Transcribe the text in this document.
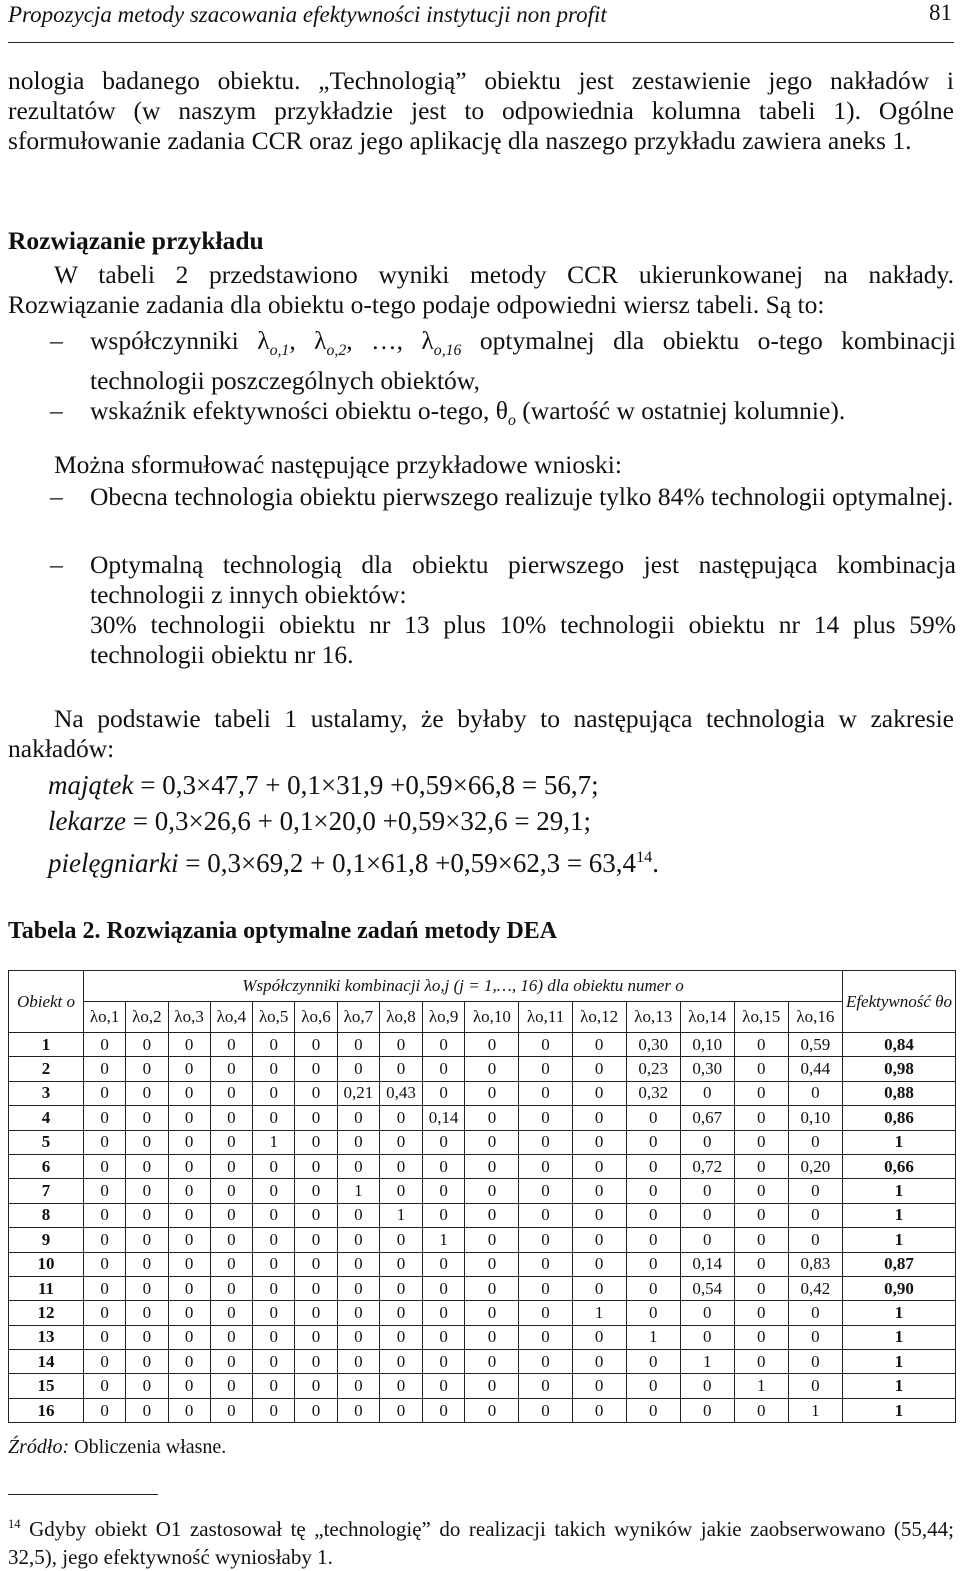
Propozycja metody szacowania efektywności instytucji non profit	81
nologia badanego obiektu. „Technologią” obiektu jest zestawienie jego nakładów i rezultatów (w naszym przykładzie jest to odpowiednia kolumna tabeli 1). Ogólne sformułowanie zadania CCR oraz jego aplikację dla naszego przykładu zawiera aneks 1.
Rozwiązanie przykładu
W tabeli 2 przedstawiono wyniki metody CCR ukierunkowanej na nakłady. Rozwiązanie zadania dla obiektu o-tego podaje odpowiedni wiersz tabeli. Są to:
– współczynniki $\lambda_{o,1}$, $\lambda_{o,2}$, …, $\lambda_{o,16}$ optymalnej dla obiektu o-tego kombinacji technologii poszczególnych obiektów,
– wskaźnik efektywności obiektu o-tego, $\theta_o$ (wartość w ostatniej kolumnie).
Można sformułować następujące przykładowe wnioski:
– Obecna technologia obiektu pierwszego realizuje tylko 84% technologii optymalnej.
– Optymalną technologią dla obiektu pierwszego jest następująca kombinacja technologii z innych obiektów:
30% technologii obiektu nr 13 plus 10% technologii obiektu nr 14 plus 59% technologii obiektu nr 16.
Na podstawie tabeli 1 ustalamy, że byłaby to następująca technologia w zakresie nakładów:
majątek = 0,3×47,7 + 0,1×31,9 +0,59×66,8 = 56,7;
lekarze = 0,3×26,6 + 0,1×20,0 +0,59×32,6 = 29,1;
pielęgniarki = $0,3\times 69,2 + 0,1\times 61,8 +0,59\times 62,3 = 63,4^{14}$.
Tabela 2. Rozwiązania optymalne zadań metody DEA
Obiekt o	Współczynniki kombinacji λo,j (j = 1,…, 16) dla obiektu numer o																Efektywność θo
	λo,1	λo,2	λo,3	λo,4	λo,5	λo,6	λo,7	λo,8	λo,9	λo,10	λo,11	λo,12	λo,13	λo,14	λo,15	λo,16	
1	0	0	0	0	0	0	0	0	0	0	0	0	0,30	0,10	0	0,59	0,84
2	0	0	0	0	0	0	0	0	0	0	0	0	0,23	0,30	0	0,44	0,98
3	0	0	0	0	0	0	0,21	0,43	0	0	0	0	0,32	0	0	0	0,88
4	0	0	0	0	0	0	0	0	0,14	0	0	0	0	0,67	0	0,10	0,86
5	0	0	0	0	1	0	0	0	0	0	0	0	0	0	0	0	1
6	0	0	0	0	0	0	0	0	0	0	0	0	0	0,72	0	0,20	0,66
7	0	0	0	0	0	0	1	0	0	0	0	0	0	0	0	0	1
8	0	0	0	0	0	0	0	1	0	0	0	0	0	0	0	0	1
9	0	0	0	0	0	0	0	0	1	0	0	0	0	0	0	0	1
10	0	0	0	0	0	0	0	0	0	0	0	0	0	0,14	0	0,83	0,87
11	0	0	0	0	0	0	0	0	0	0	0	0	0	0,54	0	0,42	0,90
12	0	0	0	0	0	0	0	0	0	0	0	1	0	0	0	0	1
13	0	0	0	0	0	0	0	0	0	0	0	0	1	0	0	0	1
14	0	0	0	0	0	0	0	0	0	0	0	0	0	1	0	0	1
15	0	0	0	0	0	0	0	0	0	0	0	0	0	0	1	0	1
16	0	0	0	0	0	0	0	0	0	0	0	0	0	0	0	1	1
Źródło: Obliczenia własne.
$^{14}$ Gdyby obiekt O1 zastosował tę „technologię” do realizacji takich wyników jakie zaobserwowano (55,44; 32,5), jego efektywność wyniosłaby 1.
